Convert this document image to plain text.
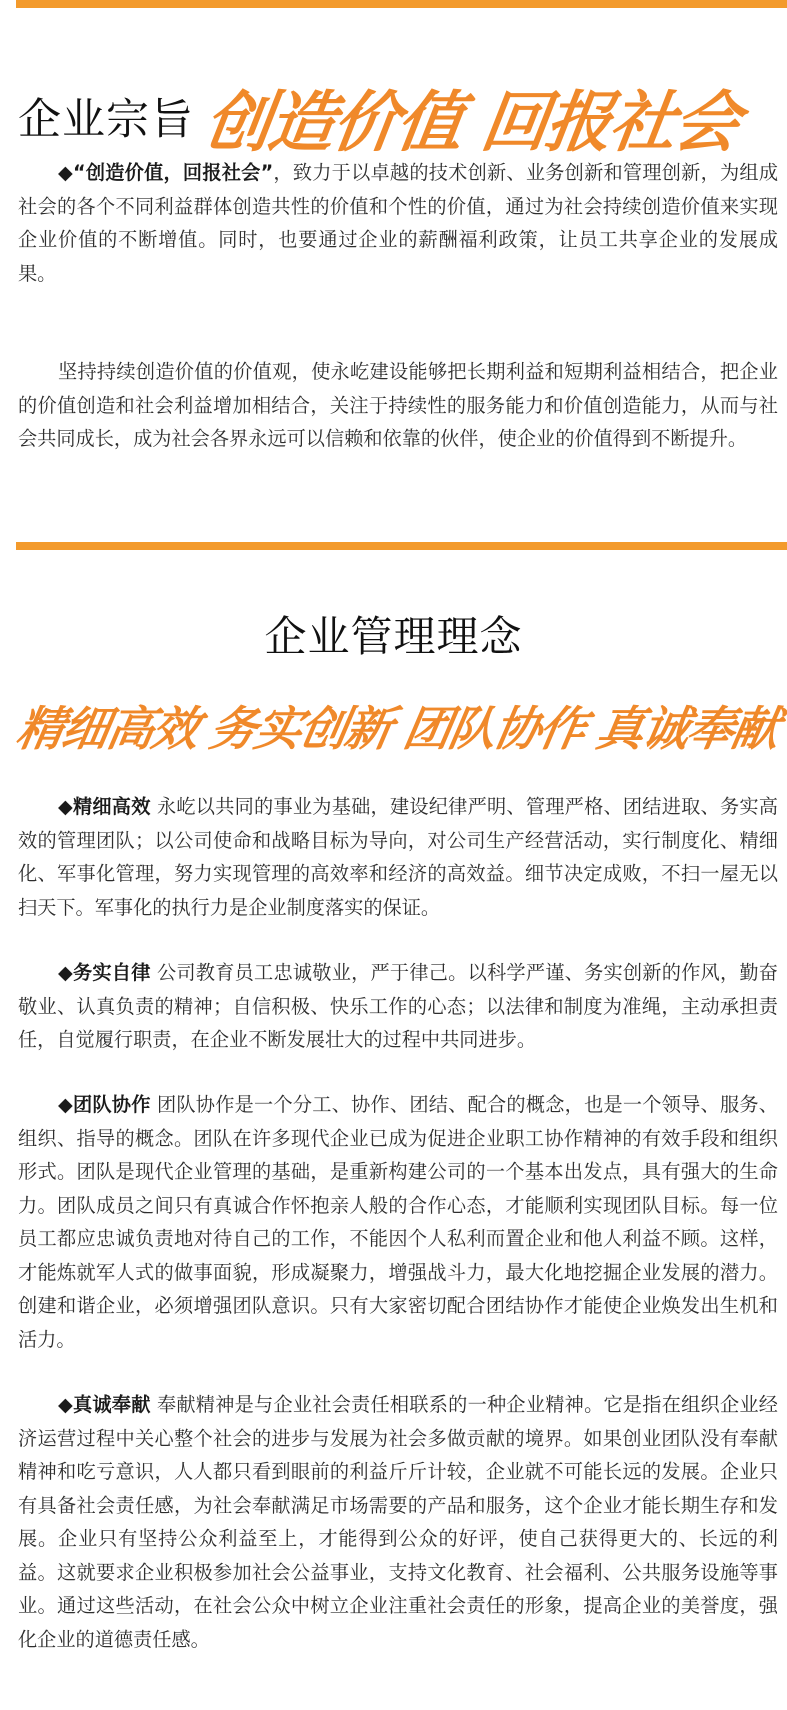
企业宗旨 创造价值 回报社会

◆“创造价值，回报社会”，致力于以卓越的技术创新、业务创新和管理创新，为组成社会的各个不同利益群体创造共性的价值和个性的价值，通过为社会持续创造价值来实现企业价值的不断增值。同时，也要通过企业的薪酬福利政策，让员工共享企业的发展成果。

坚持持续创造价值的价值观，使永屹建设能够把长期利益和短期利益相结合，把企业的价值创造和社会利益增加相结合，关注于持续性的服务能力和价值创造能力，从而与社会共同成长，成为社会各界永远可以信赖和依靠的伙伴，使企业的价值得到不断提升。

企业管理理念
精细高效 务实创新 团队协作 真诚奉献

◆精细高效 永屹以共同的事业为基础，建设纪律严明、管理严格、团结进取、务实高效的管理团队；以公司使命和战略目标为导向，对公司生产经营活动，实行制度化、精细化、军事化管理，努力实现管理的高效率和经济的高效益。细节决定成败，不扫一屋无以扫天下。军事化的执行力是企业制度落实的保证。

◆务实自律 公司教育员工忠诚敬业，严于律己。以科学严谨、务实创新的作风，勤奋敬业、认真负责的精神；自信积极、快乐工作的心态；以法律和制度为准绳，主动承担责任，自觉履行职责，在企业不断发展壮大的过程中共同进步。

◆团队协作 团队协作是一个分工、协作、团结、配合的概念，也是一个领导、服务、组织、指导的概念。团队在许多现代企业已成为促进企业职工协作精神的有效手段和组织形式。团队是现代企业管理的基础，是重新构建公司的一个基本出发点，具有强大的生命力。团队成员之间只有真诚合作怀抱亲人般的合作心态，才能顺利实现团队目标。每一位员工都应忠诚负责地对待自己的工作，不能因个人私利而置企业和他人利益不顾。这样，才能炼就军人式的做事面貌，形成凝聚力，增强战斗力，最大化地挖掘企业发展的潜力。创建和谐企业，必须增强团队意识。只有大家密切配合团结协作才能使企业焕发出生机和活力。

◆真诚奉献 奉献精神是与企业社会责任相联系的一种企业精神。它是指在组织企业经济运营过程中关心整个社会的进步与发展为社会多做贡献的境界。如果创业团队没有奉献精神和吃亏意识，人人都只看到眼前的利益斤斤计较，企业就不可能长远的发展。企业只有具备社会责任感，为社会奉献满足市场需要的产品和服务，这个企业才能长期生存和发展。企业只有坚持公众利益至上，才能得到公众的好评，使自己获得更大的、长远的利益。这就要求企业积极参加社会公益事业，支持文化教育、社会福利、公共服务设施等事业。通过这些活动，在社会公众中树立企业注重社会责任的形象，提高企业的美誉度，强化企业的道德责任感。
